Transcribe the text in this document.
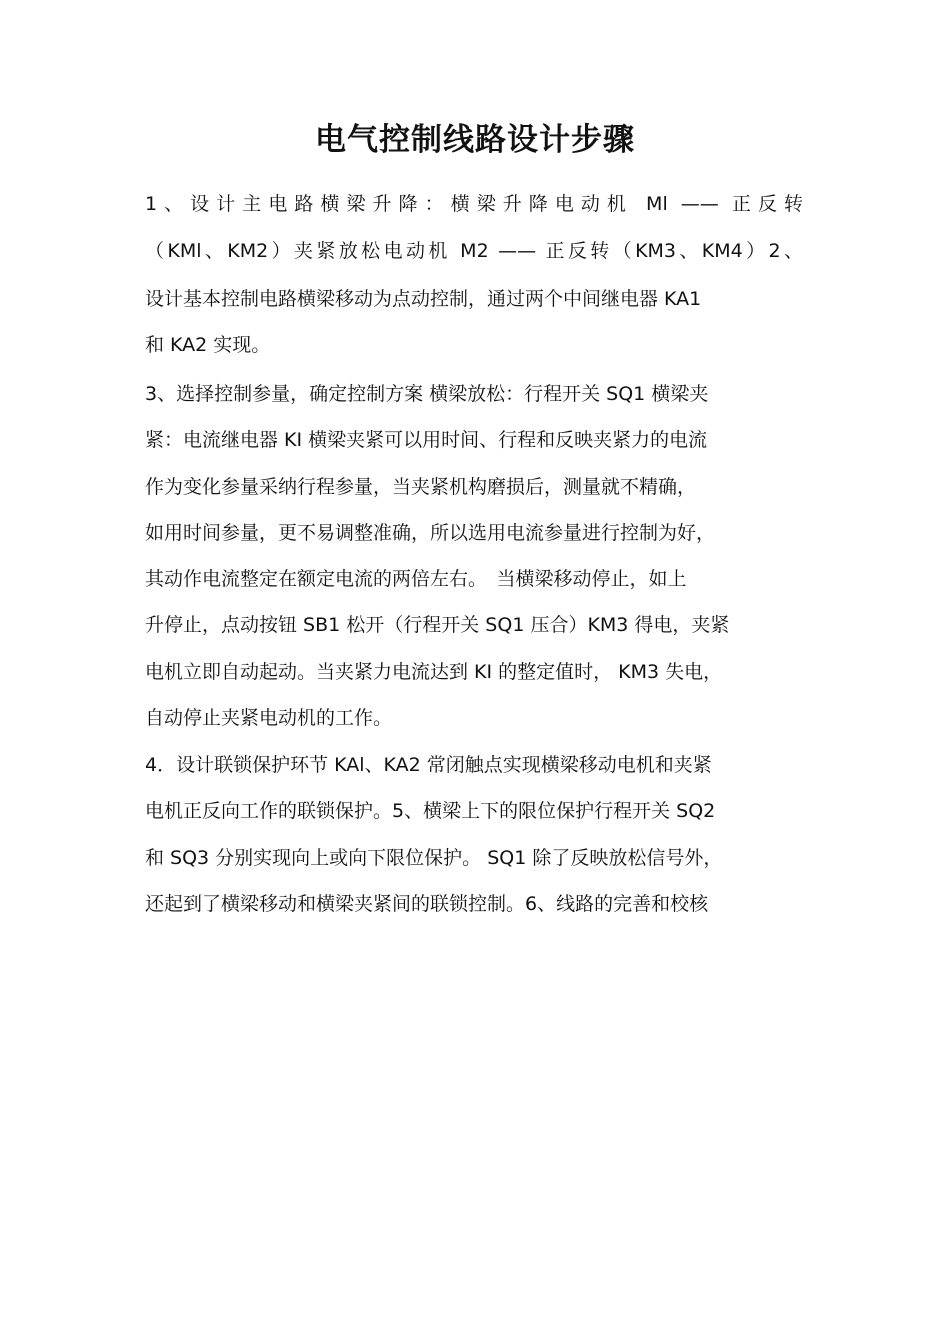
电气控制线路设计步骤
1、设计主电路横梁升降：横梁升降电动机 Ml —— 正反转
（KMl、KM2）夹紧放松电动机 M2 —— 正反转（KM3、KM4）2、
设计基本控制电路横梁移动为点动控制，通过两个中间继电器 KA1
和 KA2 实现。
3、选择控制参量，确定控制方案 横梁放松：行程开关 SQ1 横梁夹
紧：电流继电器 KI 横梁夹紧可以用时间、行程和反映夹紧力的电流
作为变化参量采纳行程参量，当夹紧机构磨损后，测量就不精确，
如用时间参量，更不易调整准确，所以选用电流参量进行控制为好，
其动作电流整定在额定电流的两倍左右。　当横梁移动停止，如上
升停止，点动按钮 SB1 松开（行程开关 SQ1 压合）KM3 得电，夹紧
电机立即自动起动。当夹紧力电流达到 KI 的整定值时， KM3 失电，
自动停止夹紧电动机的工作。
4．设计联锁保护环节 KAl、KA2 常闭触点实现横梁移动电机和夹紧
电机正反向工作的联锁保护。5、横梁上下的限位保护行程开关 SQ2
和 SQ3 分别实现向上或向下限位保护。 SQ1 除了反映放松信号外，
还起到了横梁移动和横梁夹紧间的联锁控制。6、线路的完善和校核
